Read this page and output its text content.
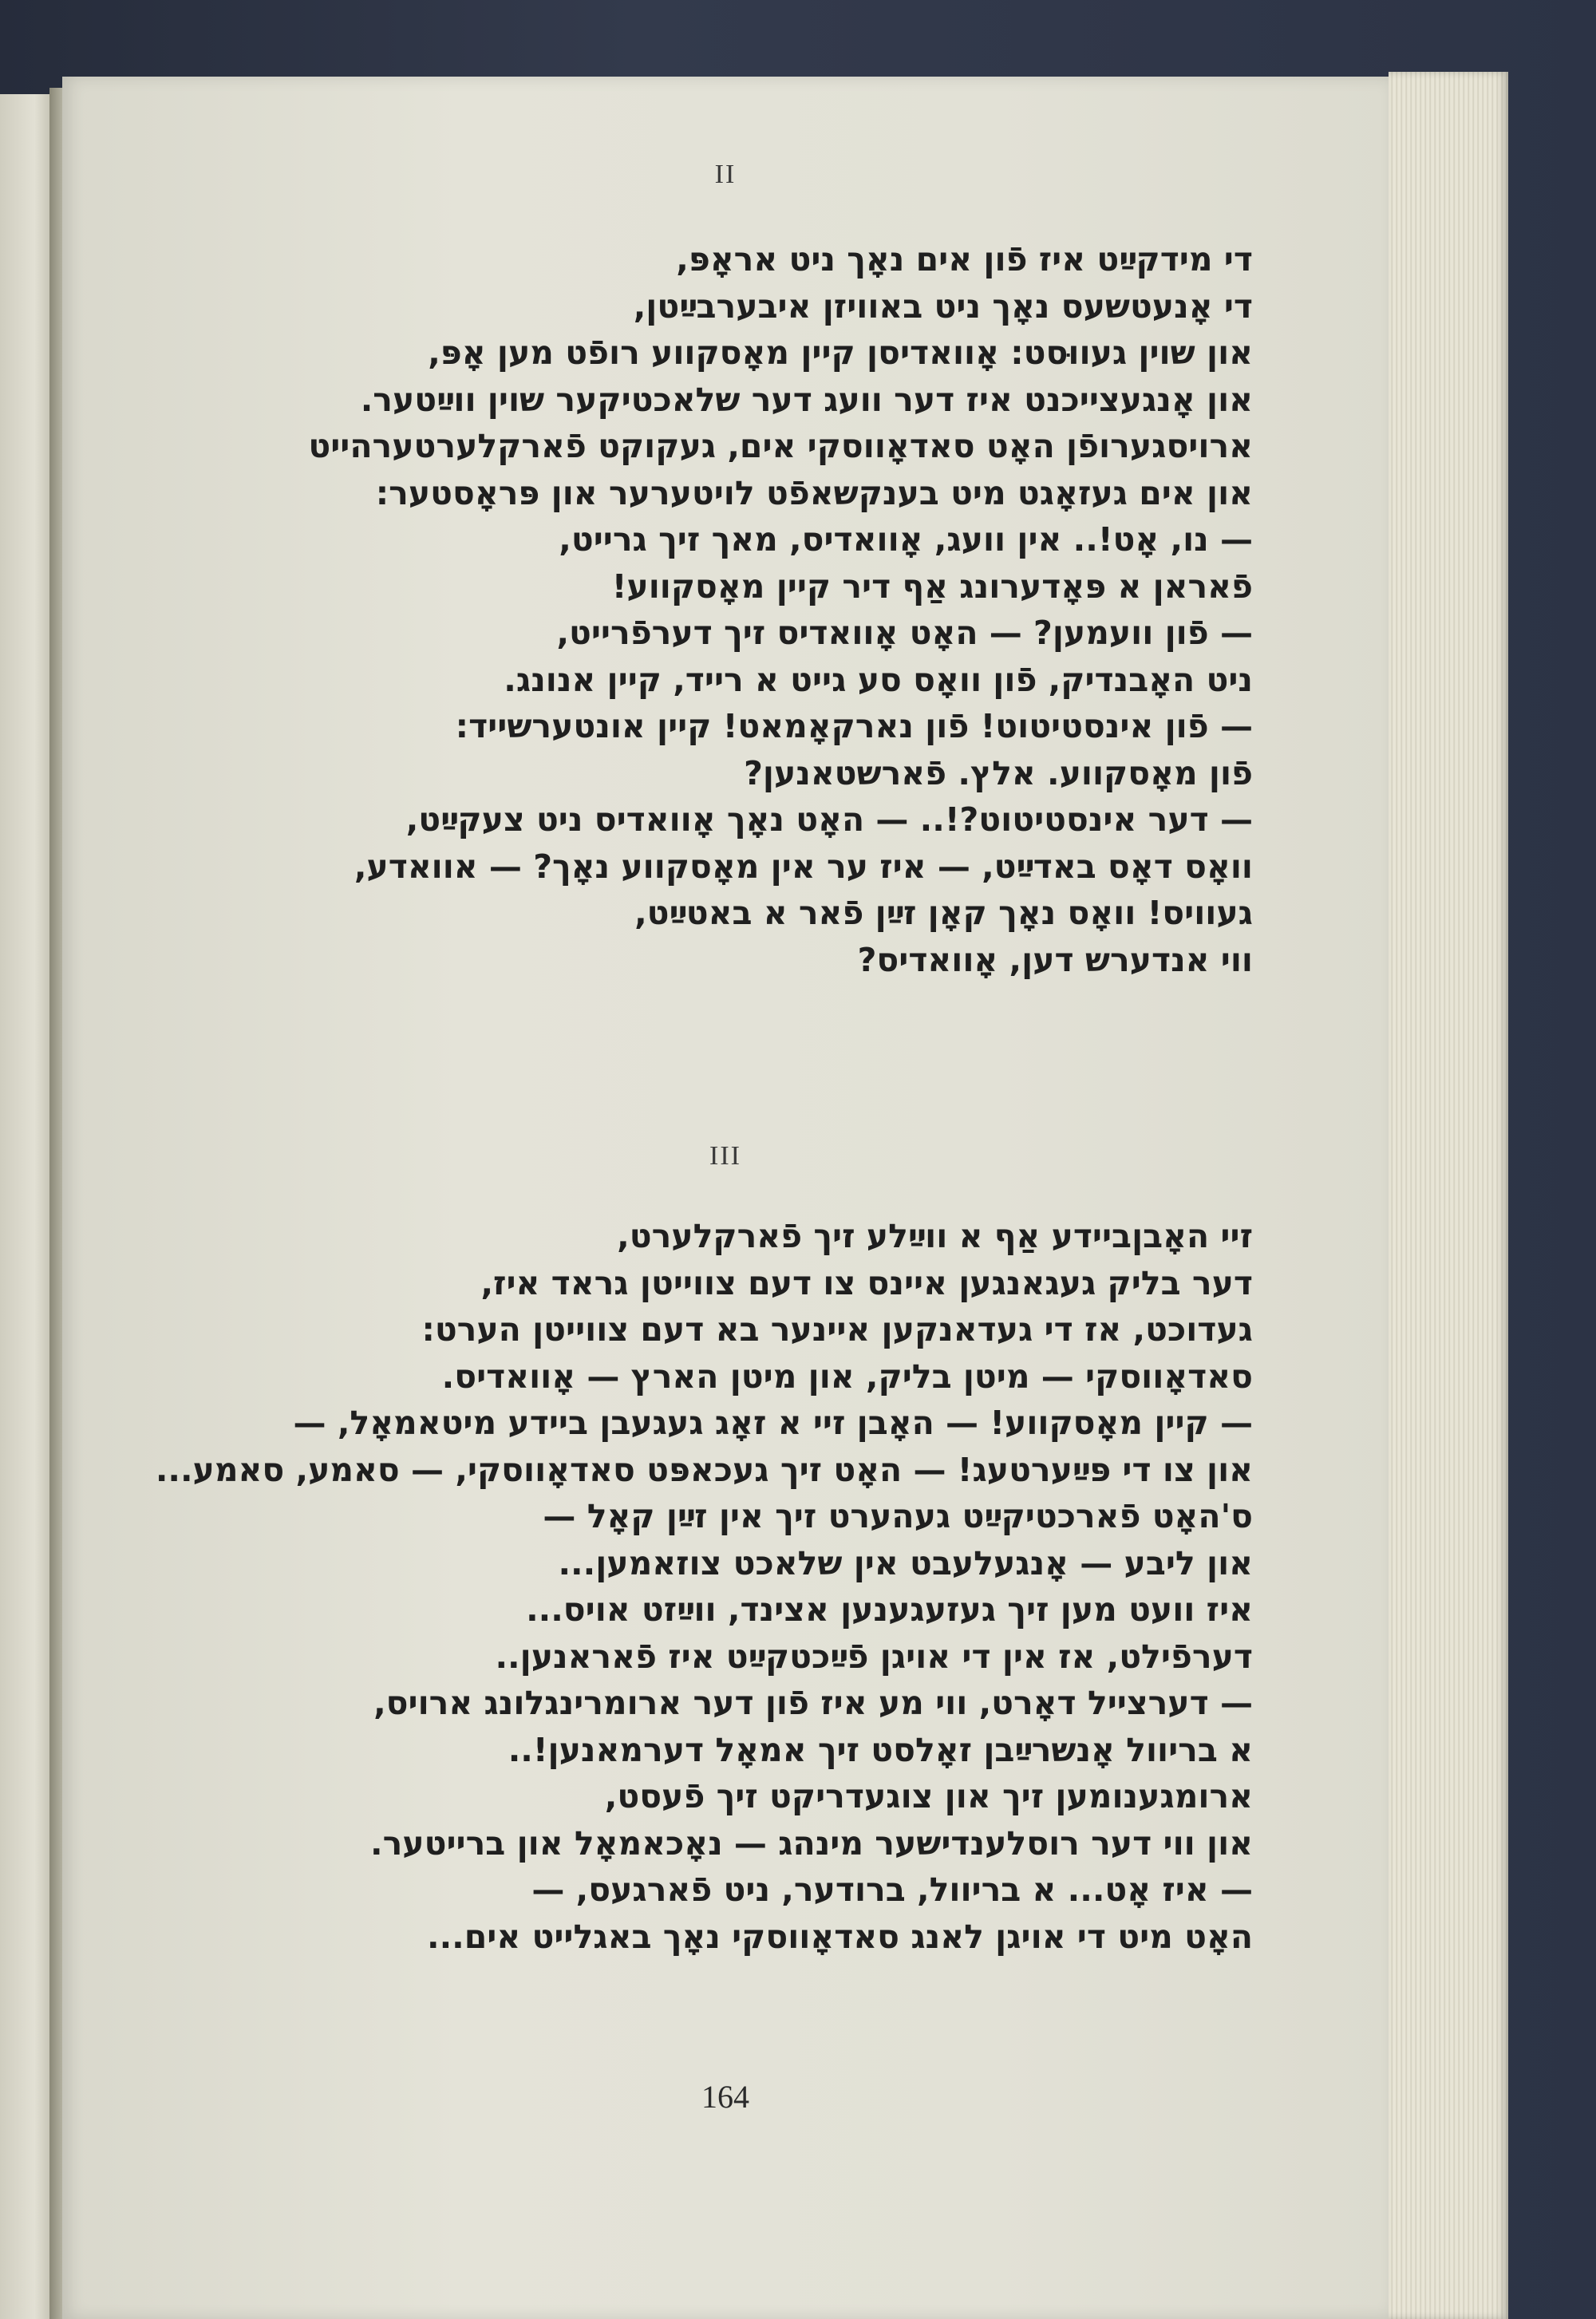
II
די מידקײַט איז פֿון אים נאָך ניט אראָפּ,
די אָנעטשעס נאָך ניט באוויזן איבערבײַטן,
און שוין געווּסט: אָוואדיסן קיין מאָסקווע רופֿט מען אָפּ,
און אָנגעצייכנט איז דער וועג דער שלאכטיקער שוין ווײַטער.
ארויסגערופֿן האָט סאדאָווסקי אים, געקוקט פֿארקלערטערהייט
און אים געזאָגט מיט בענקשאפֿט לויטערער און פּראָסטער:
— נו, אָט!.. אין וועג, אָוואדיס, מאך זיך גרייט,
פֿאראן א פּאָדערונג אַף דיר קיין מאָסקווע!
— פֿון וועמען? — האָט אָוואדיס זיך דערפֿרייט,
ניט האָבנדיק, פֿון וואָס סע גייט א רייד, קיין אנונג.
— פֿון אינסטיטוט! פֿון נארקאָמאט! קיין אונטערשייד:
פֿון מאָסקווע. אלץ. פֿארשטאנען?
— דער אינסטיטוט?!.. — האָט נאָך אָוואדיס ניט צעקײַט,
וואָס דאָס באדײַט, — איז ער אין מאָסקווע נאָך? — אוואדע,
געוויס! וואָס נאָך קאָן זײַן פֿאר א באטײַט,
ווי אנדערש דען, אָוואדיס?
III
זיי האָבןביידע אַף א ווײַלע זיך פֿארקלערט,
דער בליק געגאנגען איינס צו דעם צווייטן גראד איז,
געדוכט, אז די געדאנקען איינער בא דעם צווייטן הערט:
סאדאָווסקי — מיטן בליק, און מיטן הארץ — אָוואדיס.
— קיין מאָסקווע! — האָבן זיי א זאָג געגעבן ביידע מיטאמאָל, —
און צו די פּײַערטעג! — האָט זיך געכאפּט סאדאָווסקי, — סאמע, סאמע...
ס'האָט פֿארכטיקײַט געהערט זיך אין זײַן קאָל —
און ליבע — אָנגעלעבט אין שלאכט צוזאמען...
איז וועט מען זיך געזעגענען אצינד, ווײַזט אויס...
דערפֿילט, אז אין די אויגן פֿײַכטקײַט איז פֿאראנען..
— דערצייל דאָרט, ווי מע איז פֿון דער ארומרינגלונג ארויס,
א בריוול אָנשרײַבן זאָלסט זיך אמאָל דערמאנען!..
ארומגענומען זיך און צוגעדריקט זיך פֿעסט,
און ווי דער רוסלענדישער מינהג — נאָכאמאָל און ברייטער.
— איז אָט... א בריוול, ברודער, ניט פֿארגעס, —
האָט מיט די אויגן לאנג סאדאָווסקי נאָך באגלייט אים...
164
